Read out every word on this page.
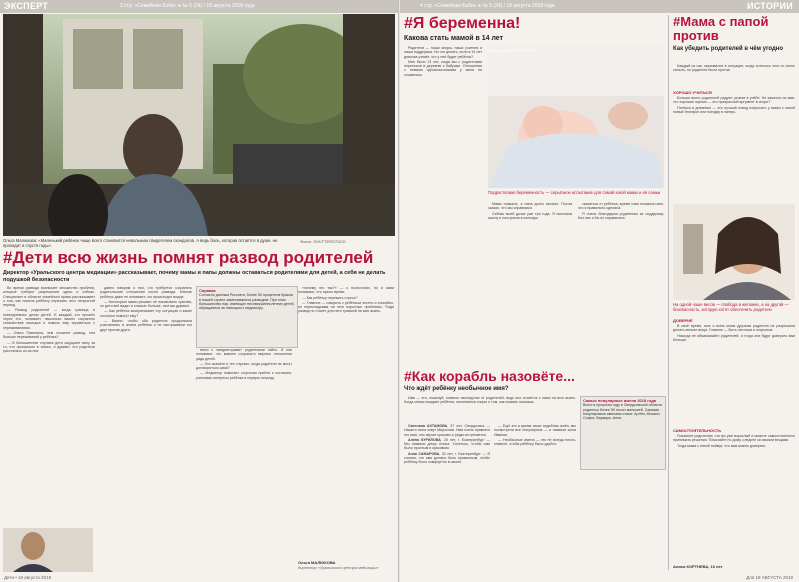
ЭКСПЕРТ	3 стр. «Семейная Бэби» ● № 5 (24) / 18 августа 2018 года
Ольга Малюкова: «Маленький ребёнок чаще всего становится невольным свидетелем скандалов. А ведь боль, которая остаётся в душе, не проходит и спустя годы».
Фото: SHUTTERSTOCK
#Дети всю жизнь помнят развод родителей
Директор «Уральского центра медиации» рассказывает, почему мамы и папы должны оставаться родителями для детей, а себя не делать подушкой безопасности

Во время развода возникает множество проблем, которые требуют разрешения здесь и сейчас. Специалист в области семейного права рассказывает о том, как помочь ребёнку пережить этот непростой период.

— Развод родителей — когда граница в повседневных делах детей. И каждый, кто прошёл через это, понимает, насколько важно сохранить спокойствие малыша и помочь ему справиться с переживаниями.

— Ольга Павловна, чем сложнее развод, тем больше переживаний у ребёнка?

— В большинстве случаев дети ощущают вину за то, что произошло в семье, и думают, что родители расстались из-за них.

давно говорим о том, что требуется сохранять родительские отношения после развода. Многие ребёнок даже не понимает, что происходит вокруг.

— Некоторые мамы решают не показывать чувства, но дети всё видят и слышат больше, чем мы думаем.

— Как ребёнок воспринимает эту ситуацию и какие поступки помогут ему?

— Важно, чтобы оба родителя продолжали участвовать в жизни ребёнка и не настраивали его друг против друга.

Справка
Согласно данным Росстата, более 50 процентов браков в нашей стране заканчиваются разводом. При этом большинство пар, имеющих несовершеннолетних детей, обращаются за помощью к медиатору.

мени с «медиаторами» родителями тайно. И они понимают, что важнее сохранить мирные отношения ради детей.

— Что скажете о тех случаях, когда родители не могут договориться сами?

— Медиатор помогает сторонам прийти к согласию, учитывая интересы ребёнка в первую очередь.

«почему это так?» — о психологах, но и сами понимают, что нужно время.

— Как ребёнку пережить стресс?

— Главное — говорить с ребёнком честно и спокойно, не перекладывая на него взрослые проблемы. Тогда развод не станет для него травмой на всю жизнь.

Ольга МАЛЮКОВА
директор «Уральского центра медиации»
Дети • 18 августа 2018
4 стр. «Семейная Бэби» ● № 5 (24) / 18 августа 2018 года	ИСТОРИИ
#Я беременна!
Какова стать мамой в 14 лет

Родители — наши опоры, наши учителя и наша поддержка. Но что делать, если в 14 лет девочка узнаёт, что у неё будет ребёнок?

Мне было 13 лет, когда мы с родителями переехали в деревню к бабушке. Отношения с новыми одноклассниками у меня не сложились.

Фото: SHUTTERSTOCK
Подростковая беременность — серьёзное испытание для самой юной мамы и её семьи

Мама плакала, а папа долго молчал. Потом сказал, что мы справимся.

Сейчас моей дочке уже три года. Я окончила школу и поступила в колледж.

сказаться от ребёнка, время тоже показало мне, что я правильно сделала.

Я очень благодарна родителям за поддержку. Без них я бы не справилась.

#Как корабль назовёте...
Что ждёт ребёнку необычное имя?

Имя — это, пожалуй, главное наследство от родителей, ведь оно остаётся с нами на всю жизнь. Когда семья ожидает ребёнка, начинаются споры о том, как назвать малыша.

Светлана АХТАМОВА, 37 лет, Свердловск — Нашего сына зовут Мирослав. Нам очень нравится это имя, оно звучит красиво и редко встречается.

Алёна КУРИЛОВА, 25 лет, г. Екатеринбург — Мы назвали дочку Алиса. Хотелось, чтобы имя было простым и красивым.

Анна САМАРОВА, 30 лет, г. Екатеринбург — Я считаю, что имя должно быть привычным, чтобы ребёнку было комфортно в школе.

— Ещё это и время таких подобных имён, мы посмотрели все популярные — и назвали сына Иваном.

— Необычные имена — это не всегда плохо, главное, чтобы ребёнку было удобно.

Самые популярные имена 2018 года
Всего в прошлом году в Свердловской области родилось более 50 тысяч малышей. Самыми популярными именами стали: Артём, Михаил, Софья, Варвара, Анна.
#Мама с папой против
Как убедить родителей в чём угодно

Каждый из нас оказывался в ситуации, когда хотелось чего-то очень сильно, но родители были против.

ХОРОШО УЧИТЬСЯ

Больше всего родителей радуют успехи в учёбе. Не кажется ли вам, что хорошие оценки — это прекрасный аргумент в споре?

Пятёрки в дневнике — это лучший повод попросить у мамы с папой новый телефон или поездку в лагерь.

На одной чаше весов — свобода и желание, а на другой — безопасность, которую хотят обеспечить родители
ДОВЕРИЕ

В своё время, мне и всем моим друзьям родители не разрешали делать многие вещи. Главное — быть честным и открытым.

Никогда не обманывайте родителей, и тогда они будут доверять вам больше.

САМОСТОЯТЕЛЬНОСТЬ

Покажите родителям, что вы уже взрослый и можете самостоятельно принимать решения. Помогайте по дому, следите за своими вещами.

Тогда мама с папой поймут, что вам можно доверять.

Алиса КОРТНЕВА, 16 лет
Для 18 АВГУСТА 2018
